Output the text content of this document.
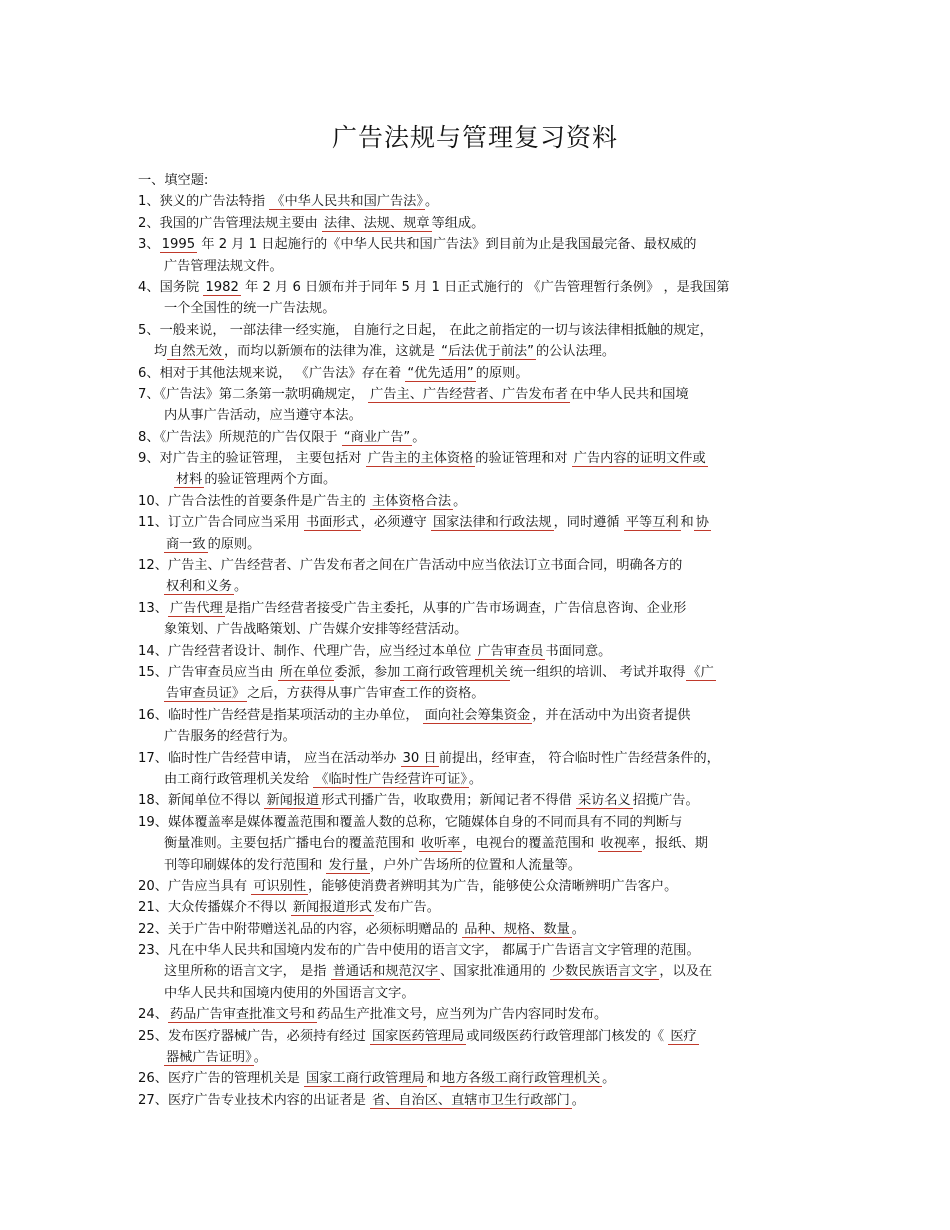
广告法规与管理复习资料
一、填空题:
1、狭义的广告法特指 《中华人民共和国广告法》 。
2、我国的广告管理法规主要由 法律、法规、规章 等组成。
3、 1995 年 2 月 1 日起施行的《中华人民共和国广告法》到目前为止是我国最完备、最权威的
广告管理法规文件。
4、国务院 1982 年 2 月 6 日颁布并于同年 5 月 1 日正式施行的 《广告管理暂行条例》 ，是我国第
一个全国性的统一广告法规。
5、一般来说， 一部法律一经实施， 自施行之日起， 在此之前指定的一切与该法律相抵触的规定，
均 自然无效 ，而均以新颁布的法律为准，这就是 “后法优于前法” 的公认法理。
6、相对于其他法规来说， 《广告法》存在着 “优先适用” 的原则。
7、《广告法》第二条第一款明确规定， 广告主、广告经营者、广告发布者 在中华人民共和国境
内从事广告活动，应当遵守本法。
8、《广告法》所规范的广告仅限于 “商业广告” 。
9、对广告主的验证管理， 主要包括对 广告主的主体资格 的验证管理和对 广告内容的证明文件或
材料 的验证管理两个方面。
10、广告合法性的首要条件是广告主的 主体资格合法 。
11、订立广告合同应当采用 书面形式 ，必须遵守 国家法律和行政法规 ，同时遵循 平等互利 和 协
商一致 的原则。
12、广告主、广告经营者、广告发布者之间在广告活动中应当依法订立书面合同，明确各方的
权利和义务 。
13、 广告代理 是指广告经营者接受广告主委托，从事的广告市场调查，广告信息咨询、企业形
象策划、广告战略策划、广告媒介安排等经营活动。
14、广告经营者设计、制作、代理广告，应当经过本单位 广告审查员 书面同意。
15、广告审查员应当由 所在单位 委派，参加 工商行政管理机关 统一组织的培训、 考试并取得 《广
告审查员证》 之后，方获得从事广告审查工作的资格。
16、临时性广告经营是指某项活动的主办单位， 面向社会筹集资金 ，并在活动中为出资者提供
广告服务的经营行为。
17、临时性广告经营申请， 应当在活动举办 30 日 前提出，经审查， 符合临时性广告经营条件的，
由工商行政管理机关发给 《临时性广告经营许可证》 。
18、新闻单位不得以 新闻报道 形式刊播广告，收取费用；新闻记者不得借 采访名义 招揽广告。
19、媒体覆盖率是媒体覆盖范围和覆盖人数的总称，它随媒体自身的不同而具有不同的判断与
衡量准则。主要包括广播电台的覆盖范围和 收听率 ，电视台的覆盖范围和 收视率 ，报纸、期
刊等印刷媒体的发行范围和 发行量 ，户外广告场所的位置和人流量等。
20、广告应当具有 可识别性 ，能够使消费者辨明其为广告，能够使公众清晰辨明广告客户。
21、大众传播媒介不得以 新闻报道形式 发布广告。
22、关于广告中附带赠送礼品的内容，必须标明赠品的 品种、规格、数量 。
23、凡在中华人民共和国境内发布的广告中使用的语言文字， 都属于广告语言文字管理的范围。
这里所称的语言文字， 是指 普通话和规范汉字 、国家批准通用的 少数民族语言文字 ，以及在
中华人民共和国境内使用的外国语言文字。
24、 药品广告审查批准文号和 药品生产批准文号，应当列为广告内容同时发布。
25、发布医疗器械广告，必须持有经过 国家医药管理局 或同级医药行政管理部门核发的《 医疗
器械广告证明》 。
26、医疗广告的管理机关是 国家工商行政管理局 和 地方各级工商行政管理机关 。
27、医疗广告专业技术内容的出证者是 省、自治区、直辖市卫生行政部门 。
